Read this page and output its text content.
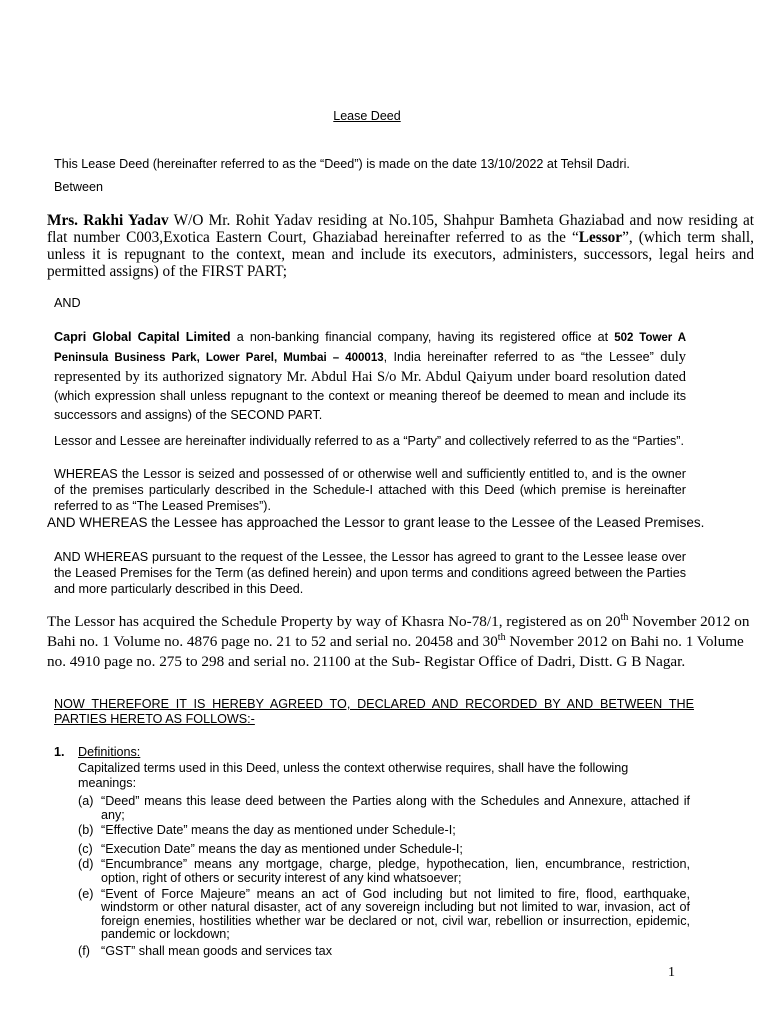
Lease Deed
This Lease Deed (hereinafter referred to as the “Deed”) is made on the date 13/10/2022 at Tehsil Dadri.
Between
Mrs. Rakhi Yadav W/O Mr. Rohit Yadav residing at No.105, Shahpur Bamheta Ghaziabad and now residing at flat number C003,Exotica Eastern Court, Ghaziabad hereinafter referred to as the “Lessor”, (which term shall, unless it is repugnant to the context, mean and include its executors, administers, successors, legal heirs and permitted assigns) of the FIRST PART;
AND
Capri Global Capital Limited a non-banking financial company, having its registered office at 502 Tower A Peninsula Business Park, Lower Parel, Mumbai – 400013, India hereinafter referred to as “the Lessee” duly represented by its authorized signatory Mr. Abdul Hai S/o Mr. Abdul Qaiyum under board resolution dated (which expression shall unless repugnant to the context or meaning thereof be deemed to mean and include its successors and assigns) of the SECOND PART.
Lessor and Lessee are hereinafter individually referred to as a “Party” and collectively referred to as the “Parties”.
WHEREAS the Lessor is seized and possessed of or otherwise well and sufficiently entitled to, and is the owner of the premises particularly described in the Schedule-I attached with this Deed (which premise is hereinafter referred to as “The Leased Premises”).
AND WHEREAS the Lessee has approached the Lessor to grant lease to the Lessee of the Leased Premises.
AND WHEREAS pursuant to the request of the Lessee, the Lessor has agreed to grant to the Lessee lease over the Leased Premises for the Term (as defined herein) and upon terms and conditions agreed between the Parties and more particularly described in this Deed.
The Lessor has acquired the Schedule Property by way of Khasra No-78/1, registered as on 20th November 2012 on Bahi no. 1 Volume no. 4876 page no. 21 to 52 and serial no. 20458 and 30th November 2012 on Bahi no. 1 Volume no. 4910 page no. 275 to 298 and serial no. 21100 at the Sub- Registar Office of Dadri, Distt. G B Nagar.
NOW THEREFORE IT IS HEREBY AGREED TO, DECLARED AND RECORDED BY AND BETWEEN THE PARTIES HERETO AS FOLLOWS:-
1. Definitions:
Capitalized terms used in this Deed, unless the context otherwise requires, shall have the following meanings:
(a) “Deed” means this lease deed between the Parties along with the Schedules and Annexure, attached if any;
(b) “Effective Date” means the day as mentioned under Schedule-I;
(c) “Execution Date” means the day as mentioned under Schedule-I;
(d) “Encumbrance” means any mortgage, charge, pledge, hypothecation, lien, encumbrance, restriction, option, right of others or security interest of any kind whatsoever;
(e) “Event of Force Majeure” means an act of God including but not limited to fire, flood, earthquake, windstorm or other natural disaster, act of any sovereign including but not limited to war, invasion, act of foreign enemies, hostilities whether war be declared or not, civil war, rebellion or insurrection, epidemic, pandemic or lockdown;
(f) “GST” shall mean goods and services tax
1
